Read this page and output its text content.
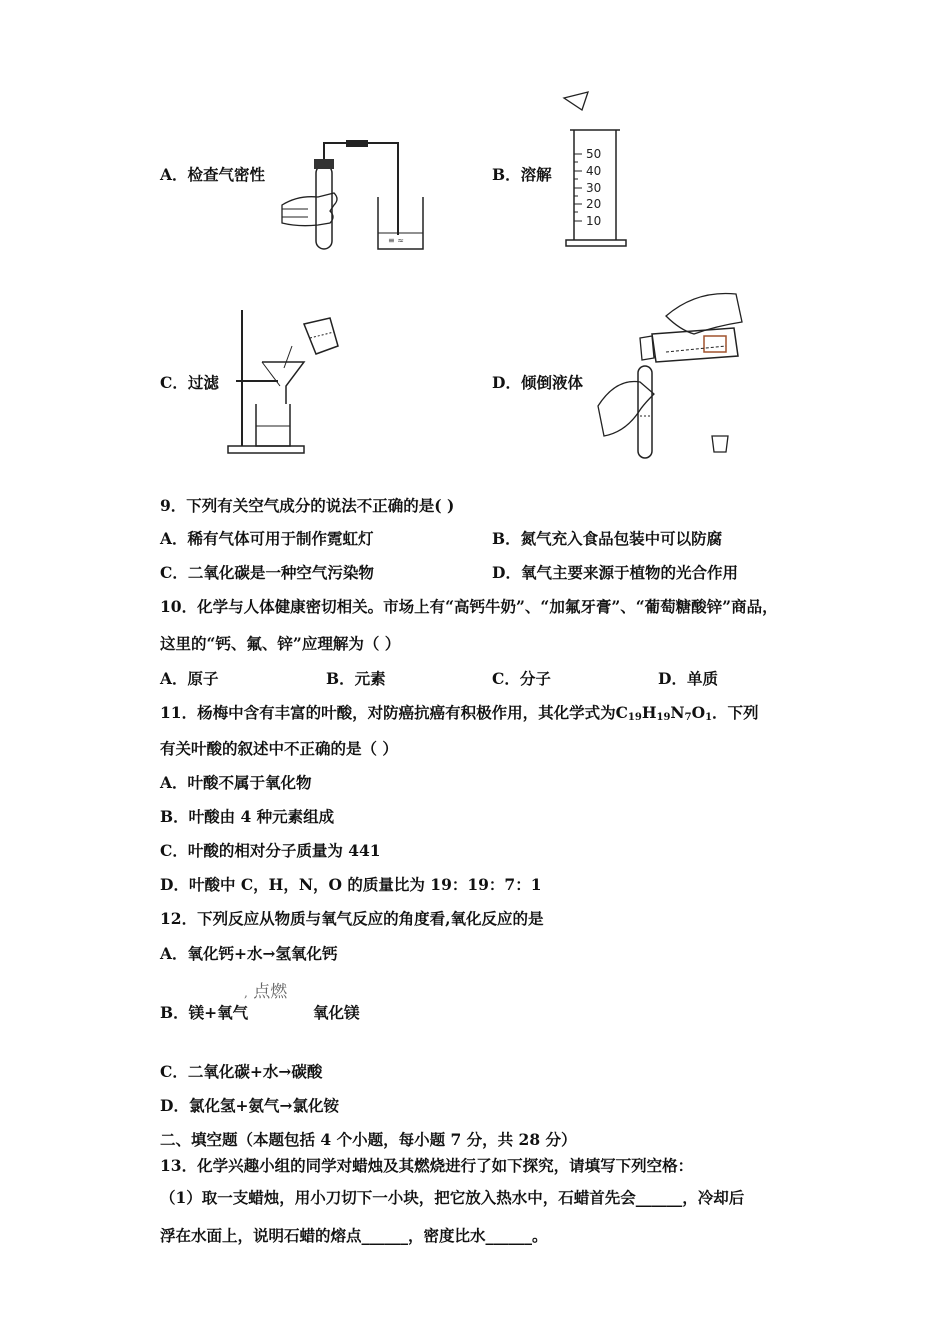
A．检查气密性
≡ ≈
B．溶解
50
40
30
20
10
C．过滤	D．倾倒液体
9．下列有关空气成分的说法不正确的是( )
A．稀有气体可用于制作霓虹灯	B．氮气充入食品包装中可以防腐
C．二氧化碳是一种空气污染物	D．氧气主要来源于植物的光合作用
10．化学与人体健康密切相关。市场上有“高钙牛奶”、“加氟牙膏”、“葡萄糖酸锌”商品，
这里的“钙、氟、锌”应理解为（ ）
A．原子	B．元素	C．分子	D．单质
11．杨梅中含有丰富的叶酸，对防癌抗癌有积极作用，其化学式为$C_{19}H_{19}N_7O_1$．下列
有关叶酸的叙述中不正确的是（ ）
A．叶酸不属于氧化物
B．叶酸由 4 种元素组成
C．叶酸的相对分子质量为 441
D．叶酸中 C，H，N，O 的质量比为 19：19：7：1
12．下列反应从物质与氧气反应的角度看,氧化反应的是
A．氧化钙+水→氢氧化钙
, 点燃
B．镁+氧气	氧化镁
C．二氧化碳+水→碳酸
D．氯化氢+氨气→氯化铵
二、填空题（本题包括 4 个小题，每小题 7 分，共 28 分）
13．化学兴趣小组的同学对蜡烛及其燃烧进行了如下探究，请填写下列空格：
（1）取一支蜡烛，用小刀切下一小块，把它放入热水中，石蜡首先会______，冷却后
浮在水面上，说明石蜡的熔点______，密度比水______。
